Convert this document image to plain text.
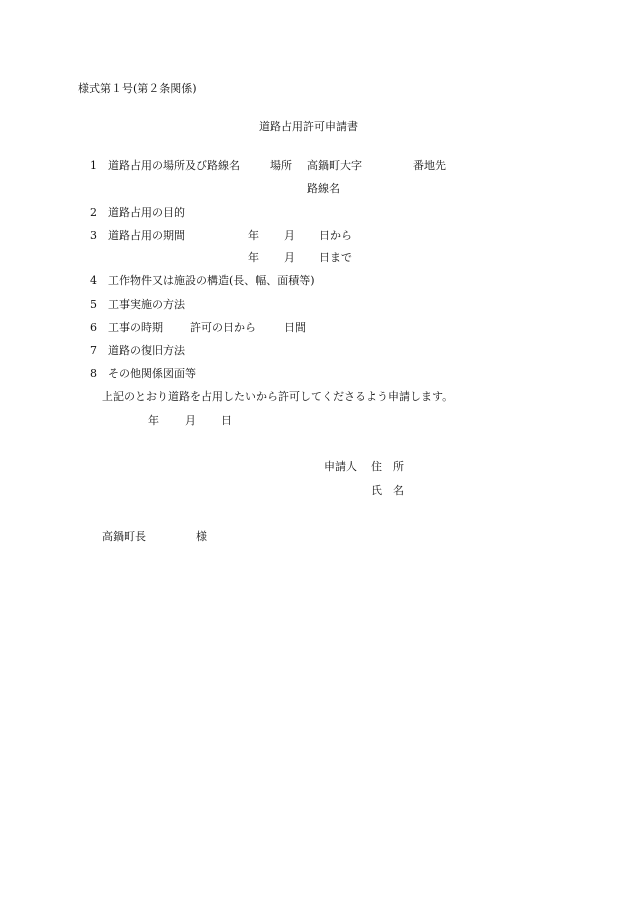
様式第１号(第２条関係)
道路占用許可申請書
1 道路占用の場所及び路線名	場所 高鍋町大字	番地先
路線名
2 道路占用の目的
3 道路占用の期間	年 月 日から
年 月 日まで
4 工作物件又は施設の構造(長、幅、面積等)
5 工事実施の方法
6 工事の時期 許可の日から	日間
7 道路の復旧方法
8 その他関係図面等
上記のとおり道路を占用したいから許可してくださるよう申請します。
年 月 日
申請人 住　所
氏　名
高鍋町長	様
